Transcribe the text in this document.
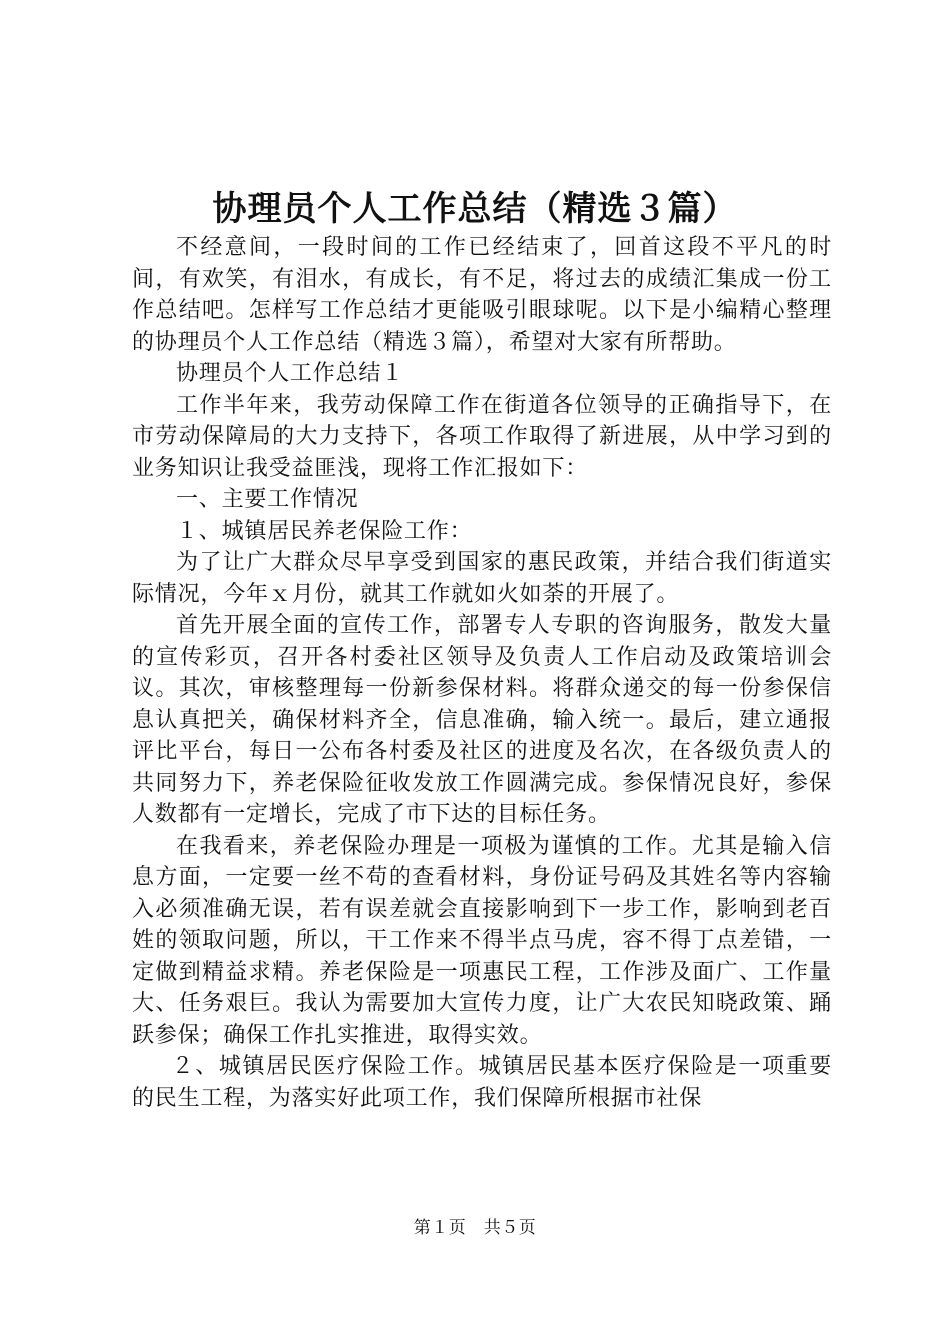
协理员个人工作总结（精选３篇）

不经意间，一段时间的工作已经结束了，回首这段不平凡的时间，有欢笑，有泪水，有成长，有不足，将过去的成绩汇集成一份工作总结吧。怎样写工作总结才更能吸引眼球呢。以下是小编精心整理的协理员个人工作总结（精选３篇），希望对大家有所帮助。

协理员个人工作总结１

工作半年来，我劳动保障工作在街道各位领导的正确指导下，在市劳动保障局的大力支持下，各项工作取得了新进展，从中学习到的业务知识让我受益匪浅，现将工作汇报如下：

一、主要工作情况

１、城镇居民养老保险工作：

为了让广大群众尽早享受到国家的惠民政策，并结合我们街道实际情况，今年ｘ月份，就其工作就如火如荼的开展了。

首先开展全面的宣传工作，部署专人专职的咨询服务，散发大量的宣传彩页，召开各村委社区领导及负责人工作启动及政策培训会议。其次，审核整理每一份新参保材料。将群众递交的每一份参保信息认真把关，确保材料齐全，信息准确，输入统一。最后，建立通报评比平台，每日一公布各村委及社区的进度及名次，在各级负责人的共同努力下，养老保险征收发放工作圆满完成。参保情况良好，参保人数都有一定增长，完成了市下达的目标任务。

在我看来，养老保险办理是一项极为谨慎的工作。尤其是输入信息方面，一定要一丝不苟的查看材料，身份证号码及其姓名等内容输入必须准确无误，若有误差就会直接影响到下一步工作，影响到老百姓的领取问题，所以，干工作来不得半点马虎，容不得丁点差错，一定做到精益求精。养老保险是一项惠民工程，工作涉及面广、工作量大、任务艰巨。我认为需要加大宣传力度，让广大农民知晓政策、踊跃参保；确保工作扎实推进，取得实效。

２、城镇居民医疗保险工作。城镇居民基本医疗保险是一项重要的民生工程，为落实好此项工作，我们保障所根据市社保

第１页　共５页
